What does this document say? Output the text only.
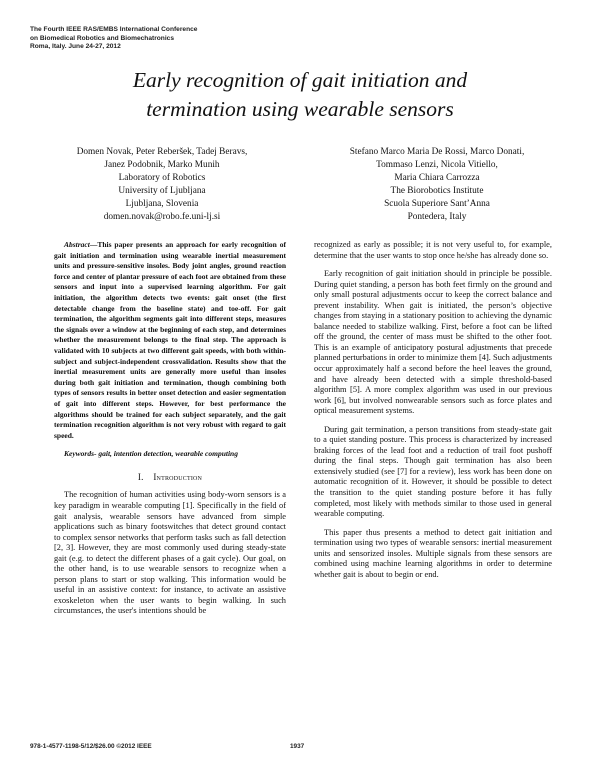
The Fourth IEEE RAS/EMBS International Conference
on Biomedical Robotics and Biomechatronics
Roma, Italy. June 24-27, 2012
Early recognition of gait initiation and
termination using wearable sensors
Domen Novak, Peter Reberšek, Tadej Beravs,
Janez Podobnik, Marko Munih
Laboratory of Robotics
University of Ljubljana
Ljubljana, Slovenia
domen.novak@robo.fe.uni-lj.si
Stefano Marco Maria De Rossi, Marco Donati,
Tommaso Lenzi, Nicola Vitiello,
Maria Chiara Carrozza
The Biorobotics Institute
Scuola Superiore Sant’Anna
Pontedera, Italy

Abstract—This paper presents an approach for early recognition of gait initiation and termination using wearable inertial measurement units and pressure-sensitive insoles. Body joint angles, ground reaction force and center of plantar pressure of each foot are obtained from these sensors and input into a supervised learning algorithm. For gait initiation, the algorithm detects two events: gait onset (the first detectable change from the baseline state) and toe-off. For gait termination, the algorithm segments gait into different steps, measures the signals over a window at the beginning of each step, and determines whether the measurement belongs to the final step. The approach is validated with 10 subjects at two different gait speeds, with both within-subject and subject-independent crossvalidation. Results show that the inertial measurement units are generally more useful than insoles during both gait initiation and termination, though combining both types of sensors results in better onset detection and easier segmentation of gait into different steps. However, for best performance the algorithms should be trained for each subject separately, and the gait termination recognition algorithm is not very robust with regard to gait speed.

Keywords- gait, intention detection, wearable computing

I. Introduction

The recognition of human activities using body-worn sensors is a key paradigm in wearable computing [1]. Specifically in the field of gait analysis, wearable sensors have advanced from simple applications such as binary footswitches that detect ground contact to complex sensor networks that perform tasks such as fall detection [2, 3]. However, they are most commonly used during steady-state gait (e.g. to detect the different phases of a gait cycle). Our goal, on the other hand, is to use wearable sensors to recognize when a person plans to start or stop walking. This information would be useful in an assistive context: for instance, to activate an assistive exoskeleton when the user wants to begin walking. In such circumstances, the user's intentions should be

recognized as early as possible; it is not very useful to, for example, determine that the user wants to stop once he/she has already done so.

Early recognition of gait initiation should in principle be possible. During quiet standing, a person has both feet firmly on the ground and only small postural adjustments occur to keep the correct balance and prevent instability. When gait is initiated, the person’s objective changes from staying in a stationary position to achieving the dynamic balance needed to stabilize walking. First, before a foot can be lifted off the ground, the center of mass must be shifted to the other foot. This is an example of anticipatory postural adjustments that precede planned perturbations in order to minimize them [4]. Such adjustments occur approximately half a second before the heel leaves the ground, and have already been detected with a simple threshold-based algorithm [5]. A more complex algorithm was used in our previous work [6], but involved nonwearable sensors such as force plates and optical measurement systems.

During gait termination, a person transitions from steady-state gait to a quiet standing posture. This process is characterized by increased braking forces of the lead foot and a reduction of trail foot pushoff during the final steps. Though gait termination has also been extensively studied (see [7] for a review), less work has been done on automatic recognition of it. However, it should be possible to detect the transition to the quiet standing posture before it has fully completed, most likely with methods similar to those used in general wearable computing.

This paper thus presents a method to detect gait initiation and termination using two types of wearable sensors: inertial measurement units and sensorized insoles. Multiple signals from these sensors are combined using machine learning algorithms in order to determine whether gait is about to begin or end.

978-1-4577-1198-5/12/$26.00 ©2012 IEEE	1937
